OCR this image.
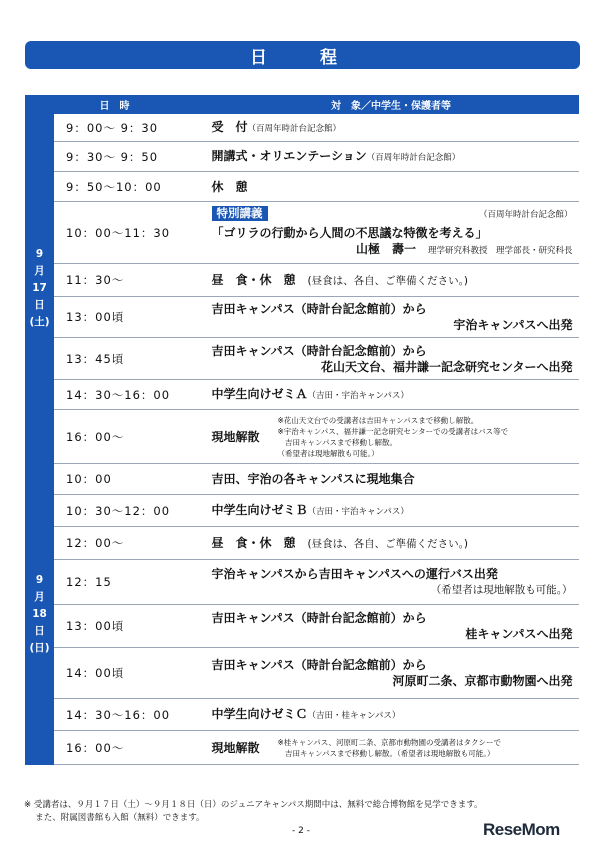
日　程
日　時		対　象／中学生・保護者等

9
月
17
日
(土)	9：00～ 9：30	受　付（百周年時計台記念館）
	9：30～ 9：50	開講式・オリエンテーション（百周年時計台記念館）
	9：50～10：00	休　憩
	10：00～11：30	特別講義 （百周年時計台記念館）
「ゴリラの行動から人間の不思議な特徴を考える」
山極　壽一　 理学研究科教授　理学部長・研究科長

	11：30～	昼　食・休　憩　 (昼食は、各自、ご準備ください。)
	13：00頃	吉田キャンパス（時計台記念館前）から
宇治キャンパスへ出発

	13：45頃	吉田キャンパス（時計台記念館前）から
花山天文台、福井謙一記念研究センターへ出発

	14：30～16：00	中学生向けゼミＡ（吉田・宇治キャンパス）
	16：00～	現地解散
※花山天文台での受講者は吉田キャンパスまで移動し解散。
※宇治キャンパス、福井謙一記念研究センターでの受講者はバス等で
　吉田キャンパスまで移動し解散。
（希望者は現地解散も可能。）

9
月
18
日
(日)	10：00	吉田、宇治の各キャンパスに現地集合
	10：30～12：00	中学生向けゼミＢ（吉田・宇治キャンパス）
	12：00～	昼　食・休　憩　 (昼食は、各自、ご準備ください。)
	12：15	宇治キャンパスから吉田キャンパスへの運行バス出発
（希望者は現地解散も可能。）

	13：00頃	吉田キャンパス（時計台記念館前）から
桂キャンパスへ出発

	14：00頃	吉田キャンパス（時計台記念館前）から
河原町二条、京都市動物園へ出発

	14：30～16：00	中学生向けゼミＣ（吉田・桂キャンパス）
	16：00～	現地解散 ※桂キャンパス、河原町二条、京都市動物園の受講者はタクシーで
　吉田キャンパスまで移動し解散。（希望者は現地解散も可能。）
※ 受講者は、９月１７日（土）～９月１８日（日）のジュニアキャンパス期間中は、無料で総合博物館を見学できます。
　 また、附属図書館も入館（無料）できます。
- 2 -	ReseMom
